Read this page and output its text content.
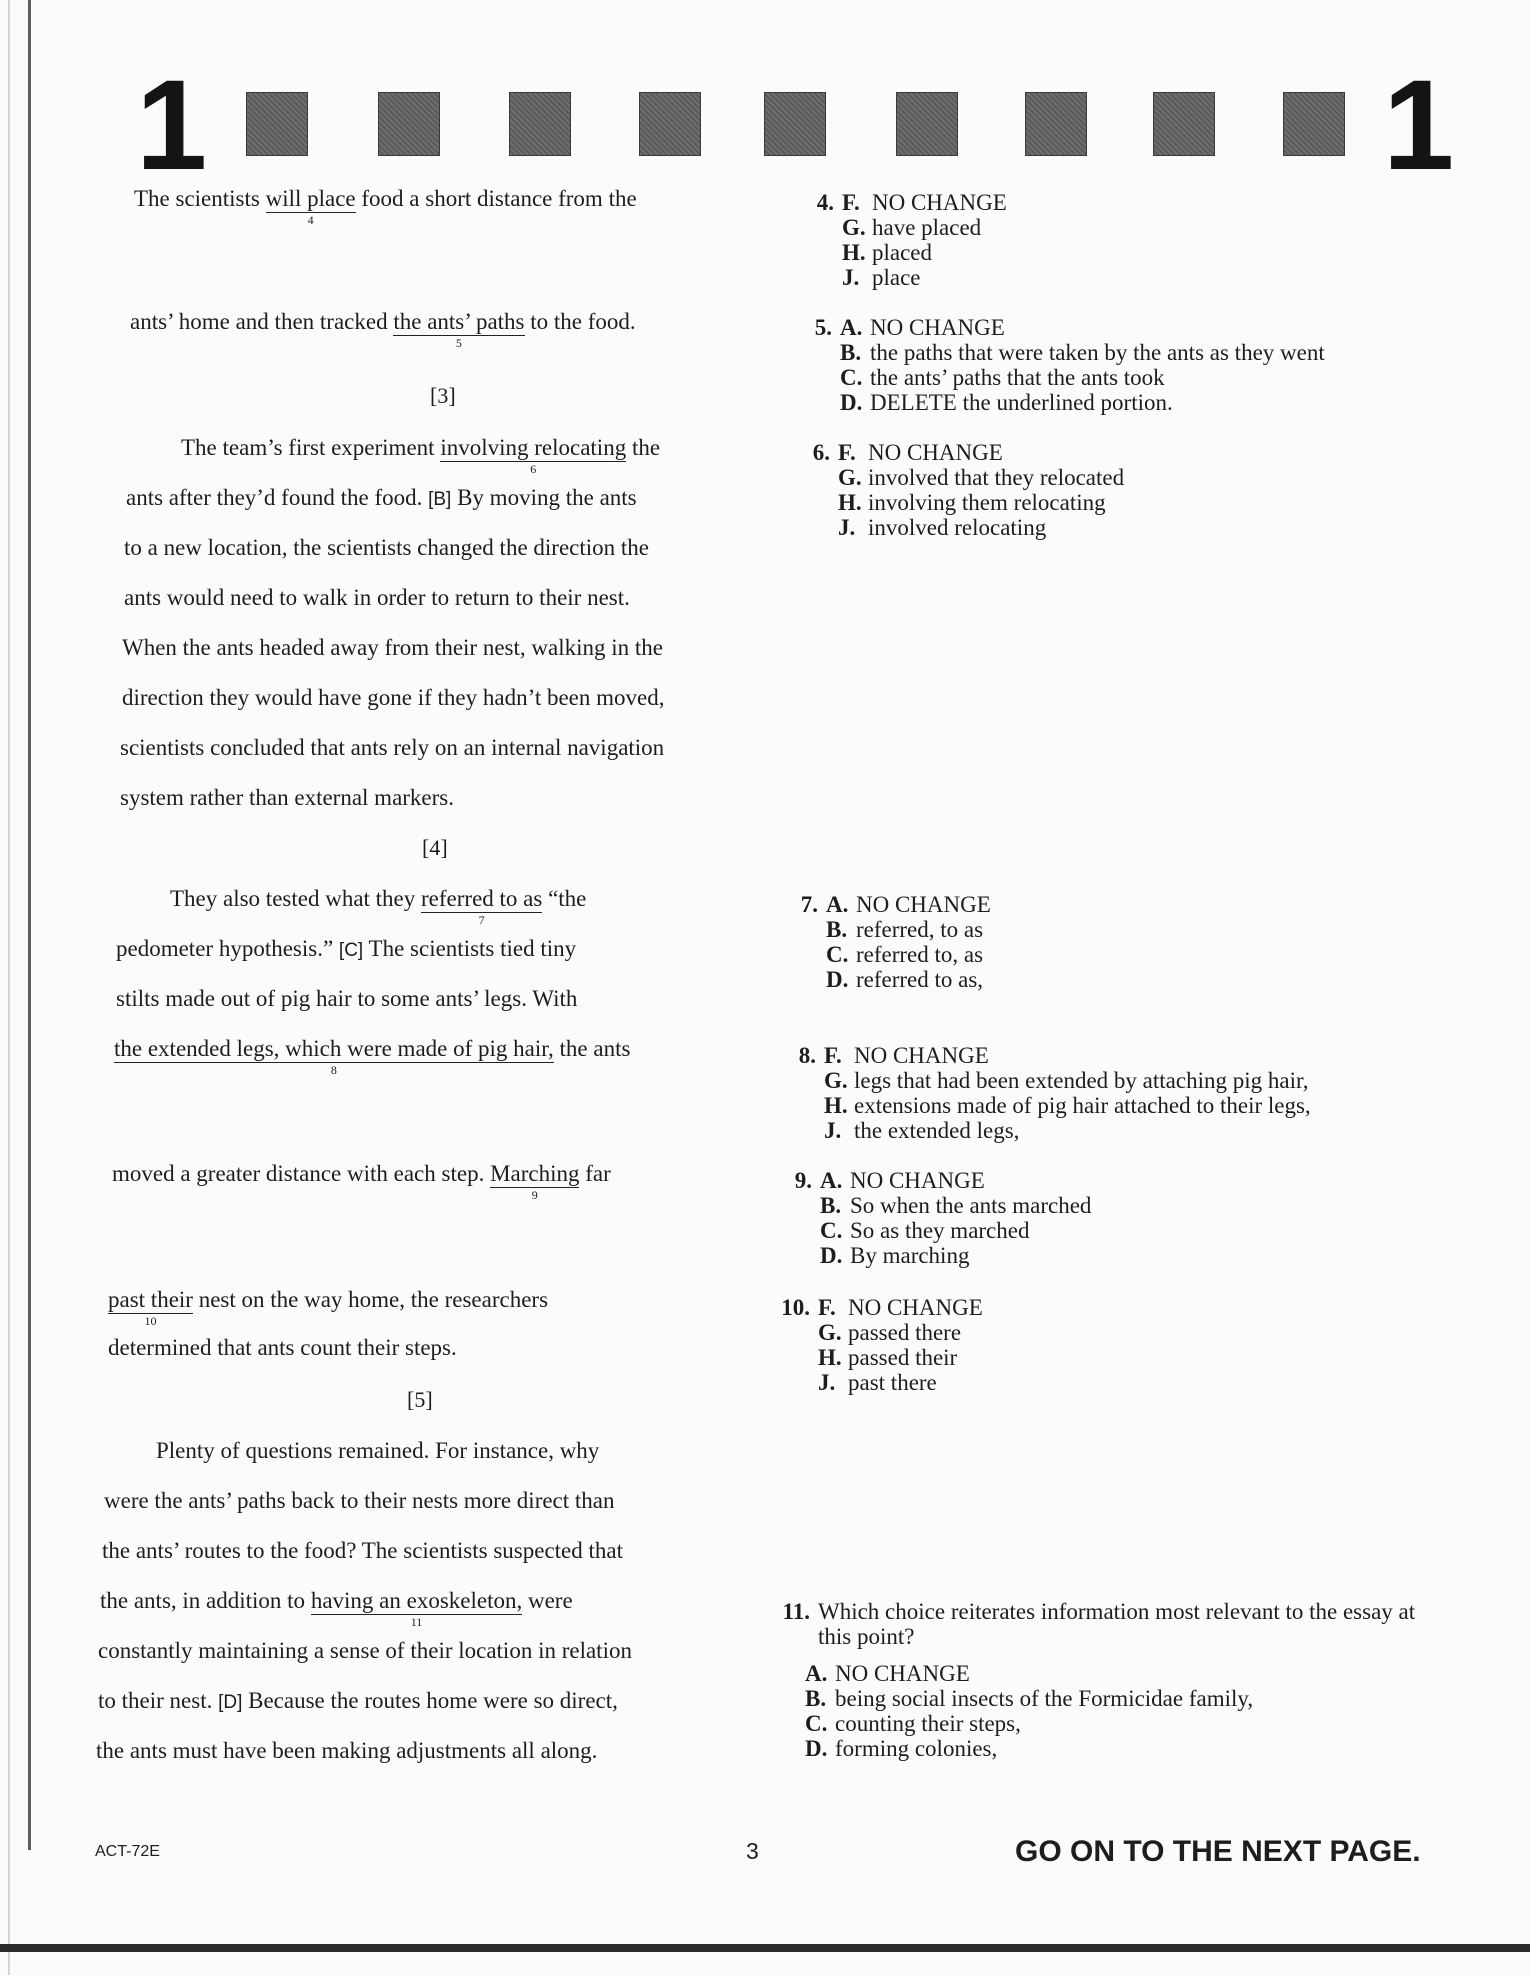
1	1
The scientists will place
4
food a short distance from the
ants’ home and then tracked the ants’ paths
5
to the food.
[3]
The team’s first experiment involving relocating
6
the
ants after they’d found the food. [B] By moving the ants
to a new location, the scientists changed the direction the
ants would need to walk in order to return to their nest.
When the ants headed away from their nest, walking in the
direction they would have gone if they hadn’t been moved,
scientists concluded that ants rely on an internal navigation
system rather than external markers.
[4]
They also tested what they referred to as
7
“the
pedometer hypothesis.” [C] The scientists tied tiny
stilts made out of pig hair to some ants’ legs. With
the extended legs, which were made of pig hair,
8
the ants
moved a greater distance with each step. Marching
9
far
past their
10
nest on the way home, the researchers
determined that ants count their steps.
[5]
Plenty of questions remained. For instance, why
were the ants’ paths back to their nests more direct than
the ants’ routes to the food? The scientists suspected that
the ants, in addition to having an exoskeleton,
11
were
constantly maintaining a sense of their location in relation
to their nest. [D] Because the routes home were so direct,
the ants must have been making adjustments all along.
4. F. NO CHANGE
G. have placed
H. placed
J. place
5. A. NO CHANGE
B. the paths that were taken by the ants as they went
C. the ants’ paths that the ants took
D. DELETE the underlined portion.
6. F. NO CHANGE
G. involved that they relocated
H. involving them relocating
J. involved relocating
7. A. NO CHANGE
B. referred, to as
C. referred to, as
D. referred to as,
8. F. NO CHANGE
G. legs that had been extended by attaching pig hair,
H. extensions made of pig hair attached to their legs,
J. the extended legs,
9. A. NO CHANGE
B. So when the ants marched
C. So as they marched
D. By marching
10. F. NO CHANGE
G. passed there
H. passed their
J. past there
11. Which choice reiterates information most relevant to the essay at this point?
A. NO CHANGE
B. being social insects of the Formicidae family,
C. counting their steps,
D. forming colonies,
ACT-72E	3	GO ON TO THE NEXT PAGE.
